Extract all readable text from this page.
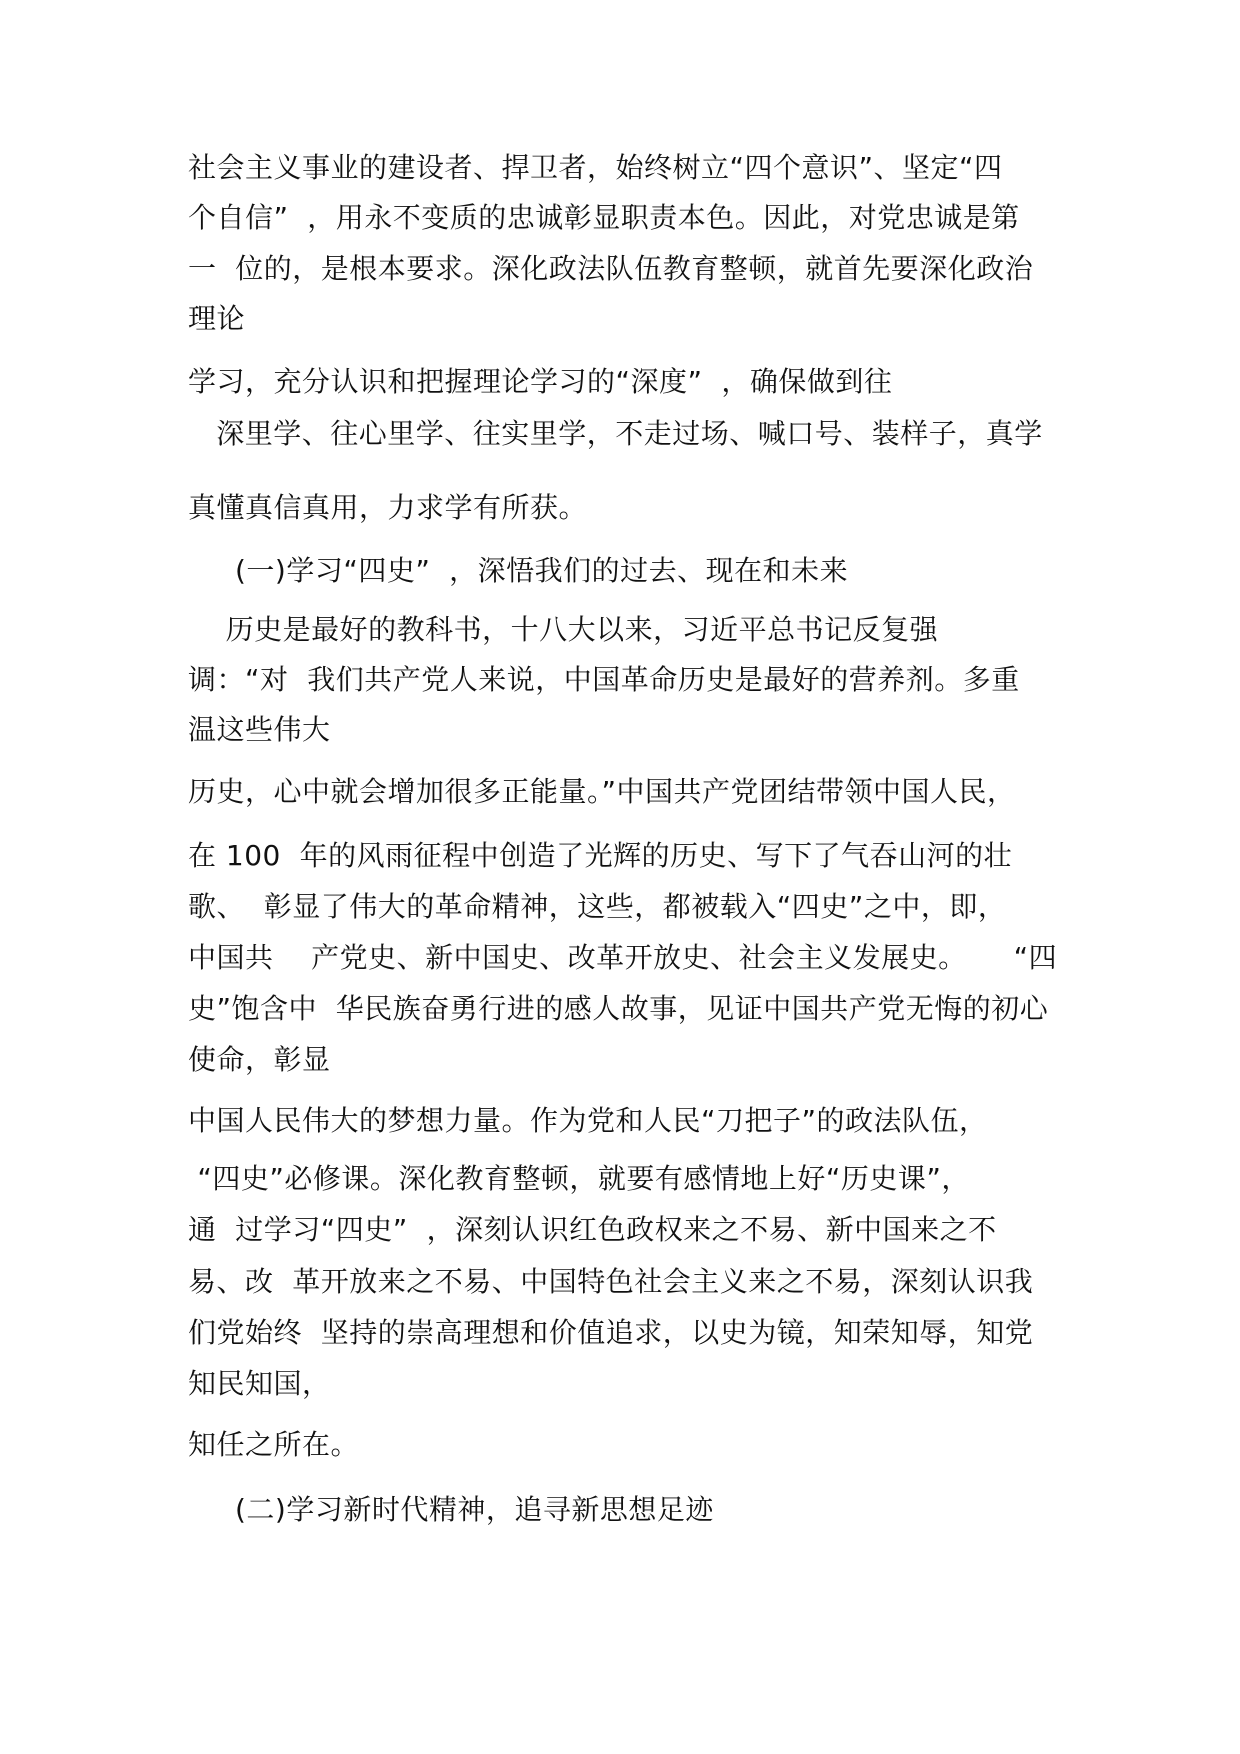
社会主义事业的建设者、捍卫者，始终树立“四个意识”、坚定“四
个自信”  ，用永不变质的忠诚彰显职责本色。因此，对党忠诚是第
一  位的，是根本要求。深化政法队伍教育整顿，就首先要深化政治
理论
学习，充分认识和把握理论学习的“深度”  ，确保做到往
深里学、往心里学、往实里学，不走过场、喊口号、装样子，真学
真懂真信真用，力求学有所获。
(一)学习“四史”  ，深悟我们的过去、现在和未来
历史是最好的教科书，十八大以来，习近平总书记反复强
调：“对  我们共产党人来说，中国革命历史是最好的营养剂。多重
温这些伟大
历史，心中就会增加很多正能量。”中国共产党团结带领中国人民，
在 100  年的风雨征程中创造了光辉的历史、写下了气吞山河的壮
歌、  彰显了伟大的革命精神，这些，都被载入“四史”之中，即，
中国共    产党史、新中国史、改革开放史、社会主义发展史。     “四
史”饱含中  华民族奋勇行进的感人故事，见证中国共产党无悔的初心
使命，彰显
中国人民伟大的梦想力量。作为党和人民“刀把子”的政法队伍，
“四史”必修课。深化教育整顿，就要有感情地上好“历史课”，
通  过学习“四史”  ，深刻认识红色政权来之不易、新中国来之不
易、改  革开放来之不易、中国特色社会主义来之不易，深刻认识我
们党始终  坚持的崇高理想和价值追求，以史为镜，知荣知辱，知党
知民知国，
知任之所在。
(二)学习新时代精神，追寻新思想足迹
